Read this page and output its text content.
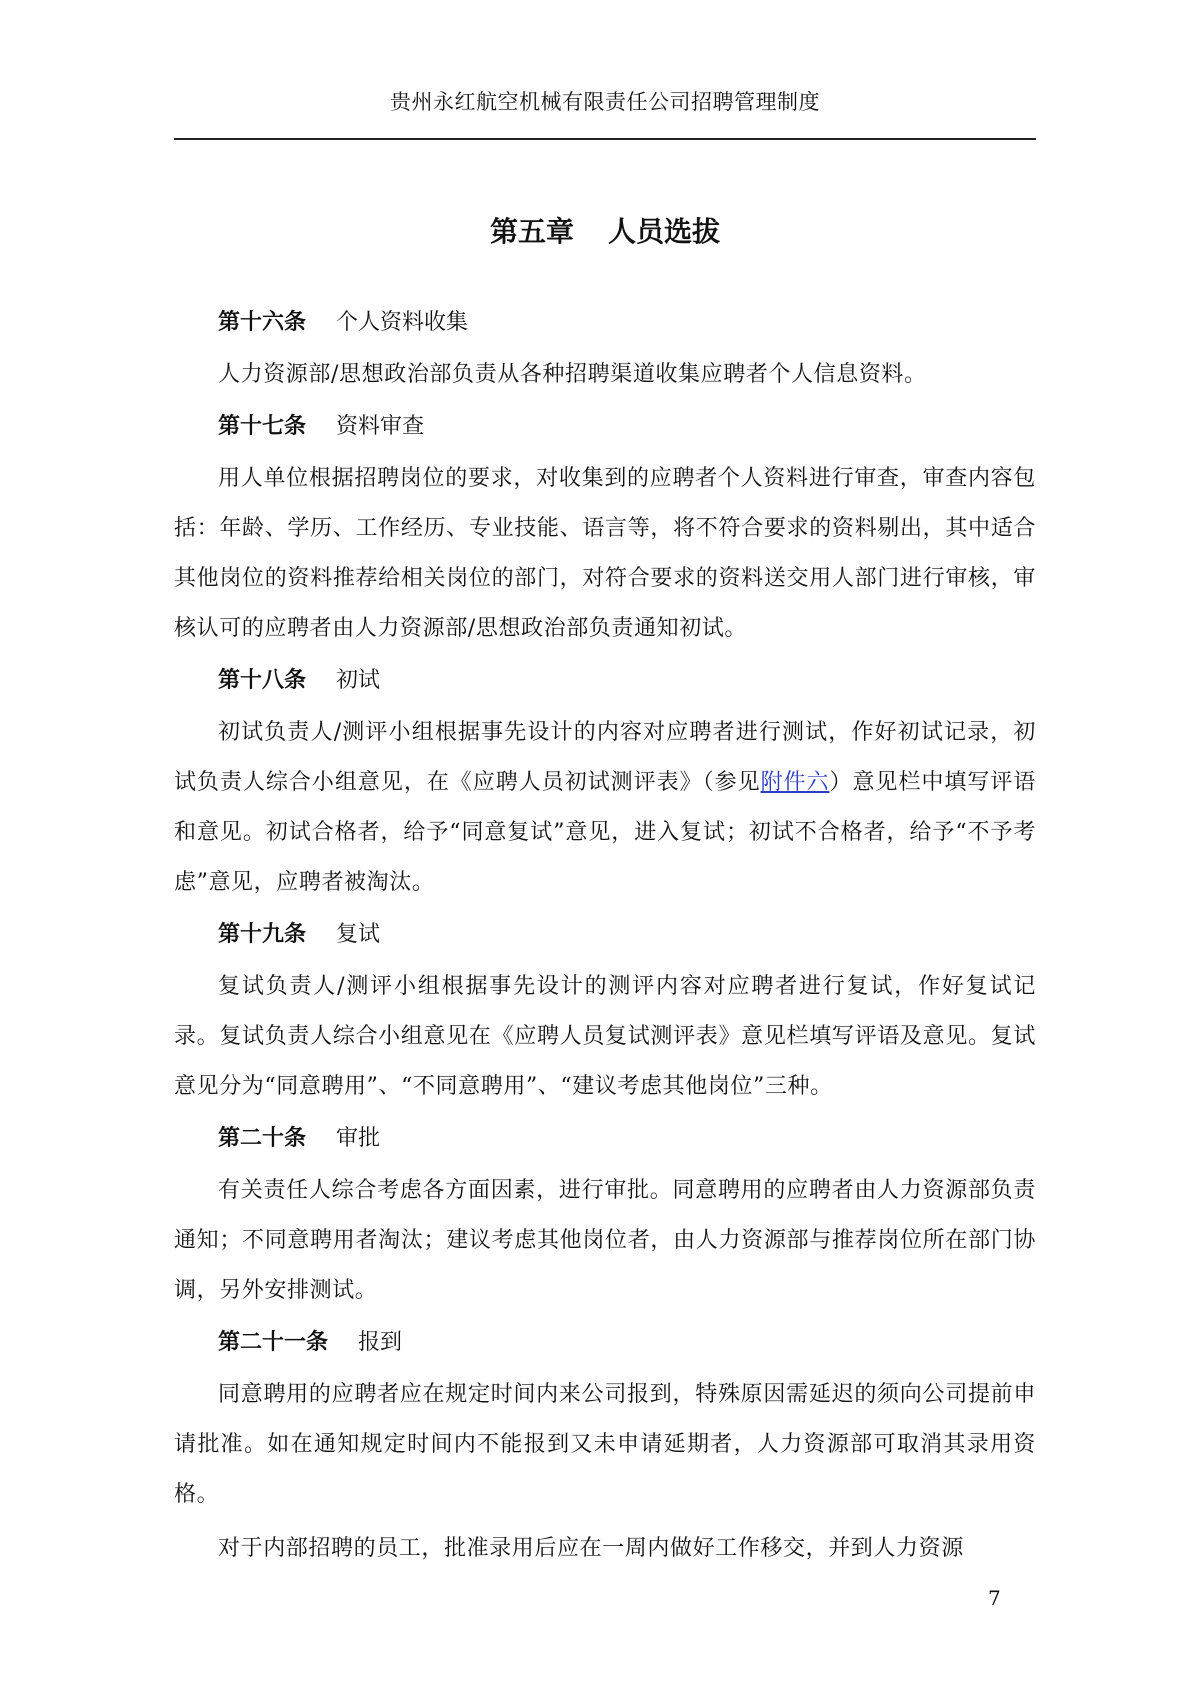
贵州永红航空机械有限责任公司招聘管理制度
第五章 人员选拔
第十六条 个人资料收集

人力资源部/思想政治部负责从各种招聘渠道收集应聘者个人信息资料。

第十七条 资料审查

用人单位根据招聘岗位的要求，对收集到的应聘者个人资料进行审查，审查内容包括：年龄、学历、工作经历、专业技能、语言等，将不符合要求的资料剔出，其中适合其他岗位的资料推荐给相关岗位的部门，对符合要求的资料送交用人部门进行审核，审核认可的应聘者由人力资源部/思想政治部负责通知初试。

第十八条 初试

初试负责人/测评小组根据事先设计的内容对应聘者进行测试，作好初试记录，初试负责人综合小组意见，在《应聘人员初试测评表》（参见附件六）意见栏中填写评语和意见。初试合格者，给予“同意复试”意见，进入复试；初试不合格者，给予“不予考虑”意见，应聘者被淘汰。

第十九条 复试

复试负责人/测评小组根据事先设计的测评内容对应聘者进行复试，作好复试记录。复试负责人综合小组意见在《应聘人员复试测评表》意见栏填写评语及意见。复试意见分为“同意聘用”、“不同意聘用”、“建议考虑其他岗位”三种。

第二十条 审批

有关责任人综合考虑各方面因素，进行审批。同意聘用的应聘者由人力资源部负责通知；不同意聘用者淘汰；建议考虑其他岗位者，由人力资源部与推荐岗位所在部门协调，另外安排测试。

第二十一条 报到

同意聘用的应聘者应在规定时间内来公司报到，特殊原因需延迟的须向公司提前申请批准。如在通知规定时间内不能报到又未申请延期者，人力资源部可取消其录用资格。

对于内部招聘的员工，批准录用后应在一周内做好工作移交，并到人力资源

7
